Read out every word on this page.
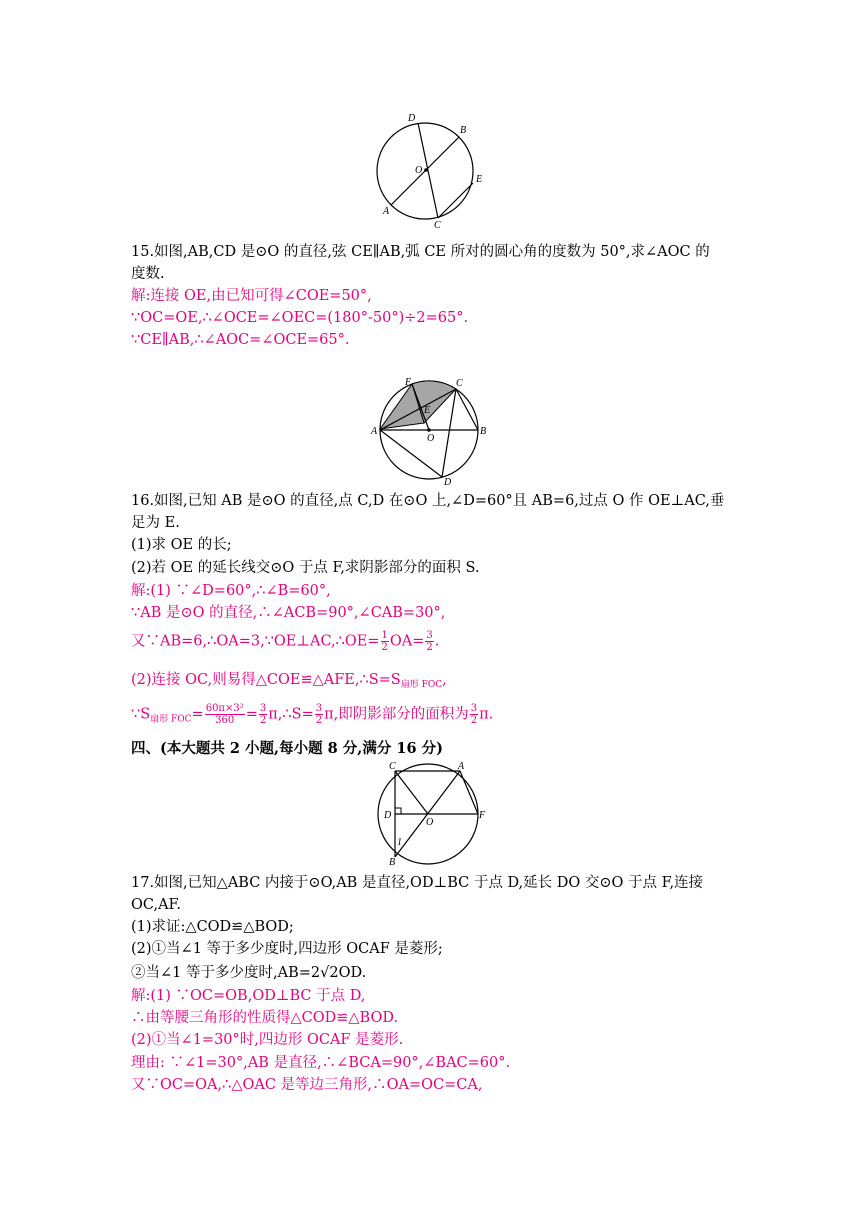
D
B
O
E
A
C
15.如图,AB,CD 是⊙O 的直径,弦 CE∥AB,弧 CE 所对的圆心角的度数为 50°,求∠AOC 的
度数.
解:连接 OE,由已知可得∠COE=50°,
∵OC=OE,∴∠OCE=∠OEC=(180°-50°)÷2=65°.
∵CE∥AB,∴∠AOC=∠OCE=65°.
F	C
E
A
O
B
D
16.如图,已知 AB 是⊙O 的直径,点 C,D 在⊙O 上,∠D=60°且 AB=6,过点 O 作 OE⊥AC,垂
足为 E.
(1)求 OE 的长;
(2)若 OE 的延长线交⊙O 于点 F,求阴影部分的面积 S.
解:(1) ∵∠D=60°,∴∠B=60°,
∵AB 是⊙O 的直径,∴∠ACB=90°,∠CAB=30°,
又∵AB=6,∴OA=3,∵OE⊥AC,∴OE= $\frac{1}{2} OA= \frac{3}{2}$ .
(2)连接 OC,则易得$\triangle COE≌\triangle AFE,\therefore S=S_{扇形 FOC}$,
$\because S_{扇形 FOC}= \frac{\text{60π×3²}}{360} = \frac{3}{2}$ π,∴S= $\frac{3}{2} \pi$,即阴影部分的面积为 $\frac{3}{2} \pi$.
四、(本大题共 2 小题,每小题 8 分,满分 16 分)
C	A
D
O
F
1
B
17.如图,已知△ABC 内接于⊙O,AB 是直径,OD⊥BC 于点 D,延长 DO 交⊙O 于点 F,连接
OC,AF.
(1)求证:△COD≌△BOD;
(2)①当∠1 等于多少度时,四边形 OCAF 是菱形;
②当∠1 等于多少度时,AB=2√2OD.
解:(1) ∵OC=OB,OD⊥BC 于点 D,
∴由等腰三角形的性质得△COD≌△BOD.
(2)①当∠1=30°时,四边形 OCAF 是菱形.
理由: ∵∠1=30°,AB 是直径,∴∠BCA=90°,∠BAC=60°.
又∵OC=OA,∴△OAC 是等边三角形,∴OA=OC=CA,
